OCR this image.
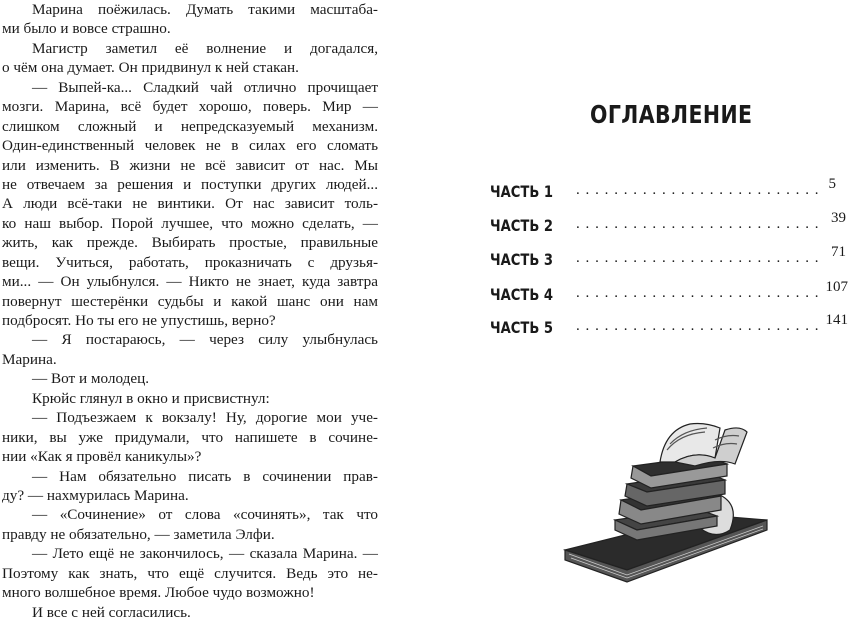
Марина поёжилась. Думать такими масштаба-
ми было и вовсе страшно.
Магистр заметил её волнение и догадался,
о чём она думает. Он придвинул к ней стакан.
— Выпей-ка... Сладкий чай отлично прочищает
мозги. Марина, всё будет хорошо, поверь. Мир —
слишком сложный и непредсказуемый механизм.
Один-единственный человек не в силах его сломать
или изменить. В жизни не всё зависит от нас. Мы
не отвечаем за решения и поступки других людей...
А люди всё-таки не винтики. От нас зависит толь-
ко наш выбор. Порой лучшее, что можно сделать, —
жить, как прежде. Выбирать простые, правильные
вещи. Учиться, работать, проказничать с друзья-
ми... — Он улыбнулся. — Никто не знает, куда завтра
повернут шестерёнки судьбы и какой шанс они нам
подбросят. Но ты его не упустишь, верно?
— Я постараюсь, — через силу улыбнулась
Марина.
— Вот и молодец.
Крюйс глянул в окно и присвистнул:
— Подъезжаем к вокзалу! Ну, дорогие мои уче-
ники, вы уже придумали, что напишете в сочине-
нии «Как я провёл каникулы»?
— Нам обязательно писать в сочинении прав-
ду? — нахмурилась Марина.
— «Сочинение» от слова «сочинять», так что
правду не обязательно, — заметила Элфи.
— Лето ещё не закончилось, — сказала Марина. —
Поэтому как знать, что ещё случится. Ведь это не-
много волшебное время. Любое чудо возможно!
И все с ней согласились.
ОГЛАВЛЕНИЕ
ЧАСТЬ 1 .......................... 5
ЧАСТЬ 2 .......................... 39
ЧАСТЬ 3 .......................... 71
ЧАСТЬ 4 .......................... 107
ЧАСТЬ 5 .......................... 141
